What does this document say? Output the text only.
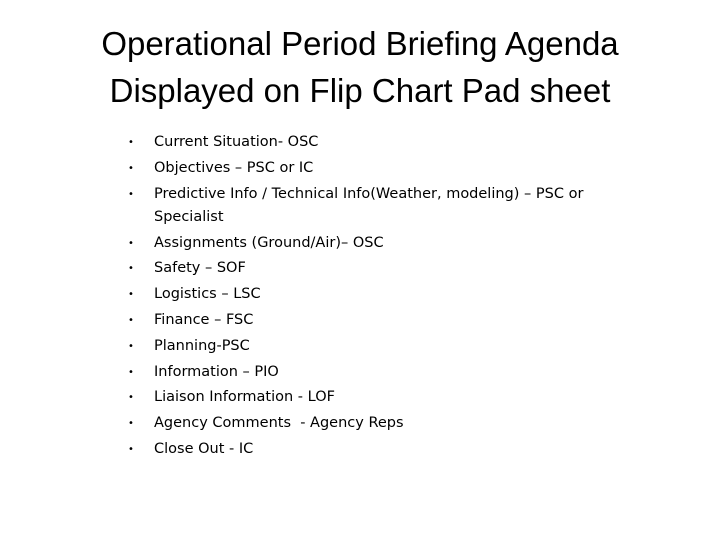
Operational Period Briefing Agenda
Displayed on Flip Chart Pad sheet
• Current Situation- OSC
• Objectives – PSC or IC
• Predictive Info / Technical Info(Weather, modeling) – PSC or Specialist
• Assignments (Ground/Air)– OSC
• Safety – SOF
• Logistics – LSC
• Finance – FSC
• Planning-PSC
• Information – PIO
• Liaison Information - LOF
• Agency Comments  - Agency Reps
• Close Out - IC
